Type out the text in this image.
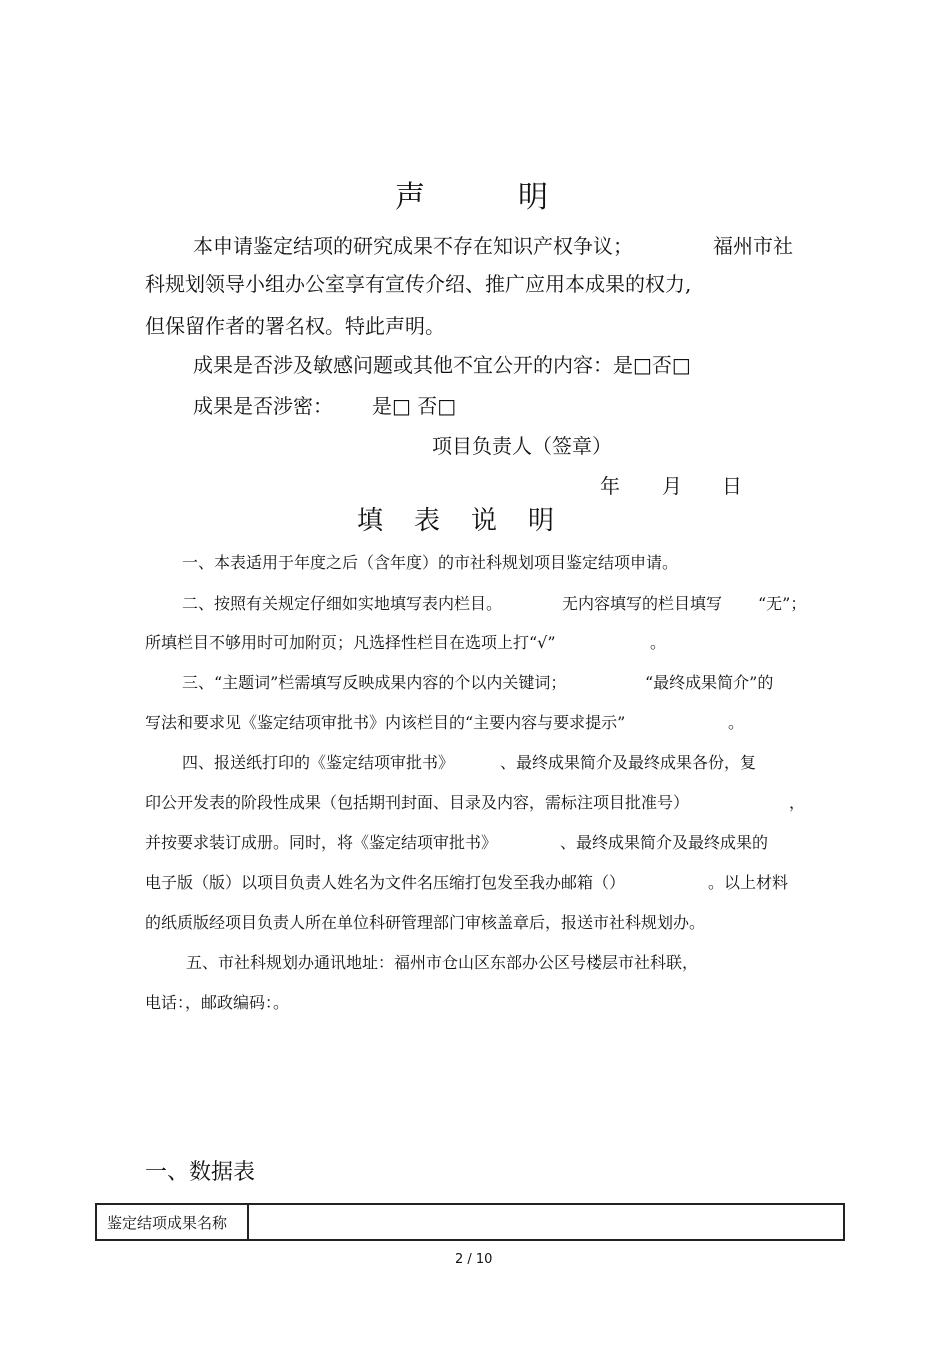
声	明
本申请鉴定结项的研究成果不存在知识产权争议；	福州市社
科规划领导小组办公室享有宣传介绍、推广应用本成果的权力,
但保留作者的署名权。特此声明。
成果是否涉及敏感问题或其他不宜公开的内容：是□否□
成果是否涉密： 是□ 否□
项目负责人（签章）
年 月 日
填 表 说 明
一、本表适用于年度之后（含年度）的市社科规划项目鉴定结项申请。
二、按照有关规定仔细如实地填写表内栏目。	无内容填写的栏目填写 “无”；
所填栏目不够用时可加附页；凡选择性栏目在选项上打“√”	。
三、“主题词”栏需填写反映成果内容的个以内关键词；	“最终成果简介”的
写法和要求见《鉴定结项审批书》内该栏目的“主要内容与要求提示”	。
四、报送纸打印的《鉴定结项审批书》	、最终成果简介及最终成果各份，复
印公开发表的阶段性成果（包括期刊封面、目录及内容，需标注项目批准号）	，
并按要求装订成册。同时，将《鉴定结项审批书》	、最终成果简介及最终成果的
电子版（版）以项目负责人姓名为文件名压缩打包发至我办邮箱（）	。以上材料
的纸质版经项目负责人所在单位科研管理部门审核盖章后，报送市社科规划办。
五、市社科规划办通讯地址：福州市仓山区东部办公区号楼层市社科联，
电话：，邮政编码：。
一、数据表
鉴定结项成果名称	
2 / 10
